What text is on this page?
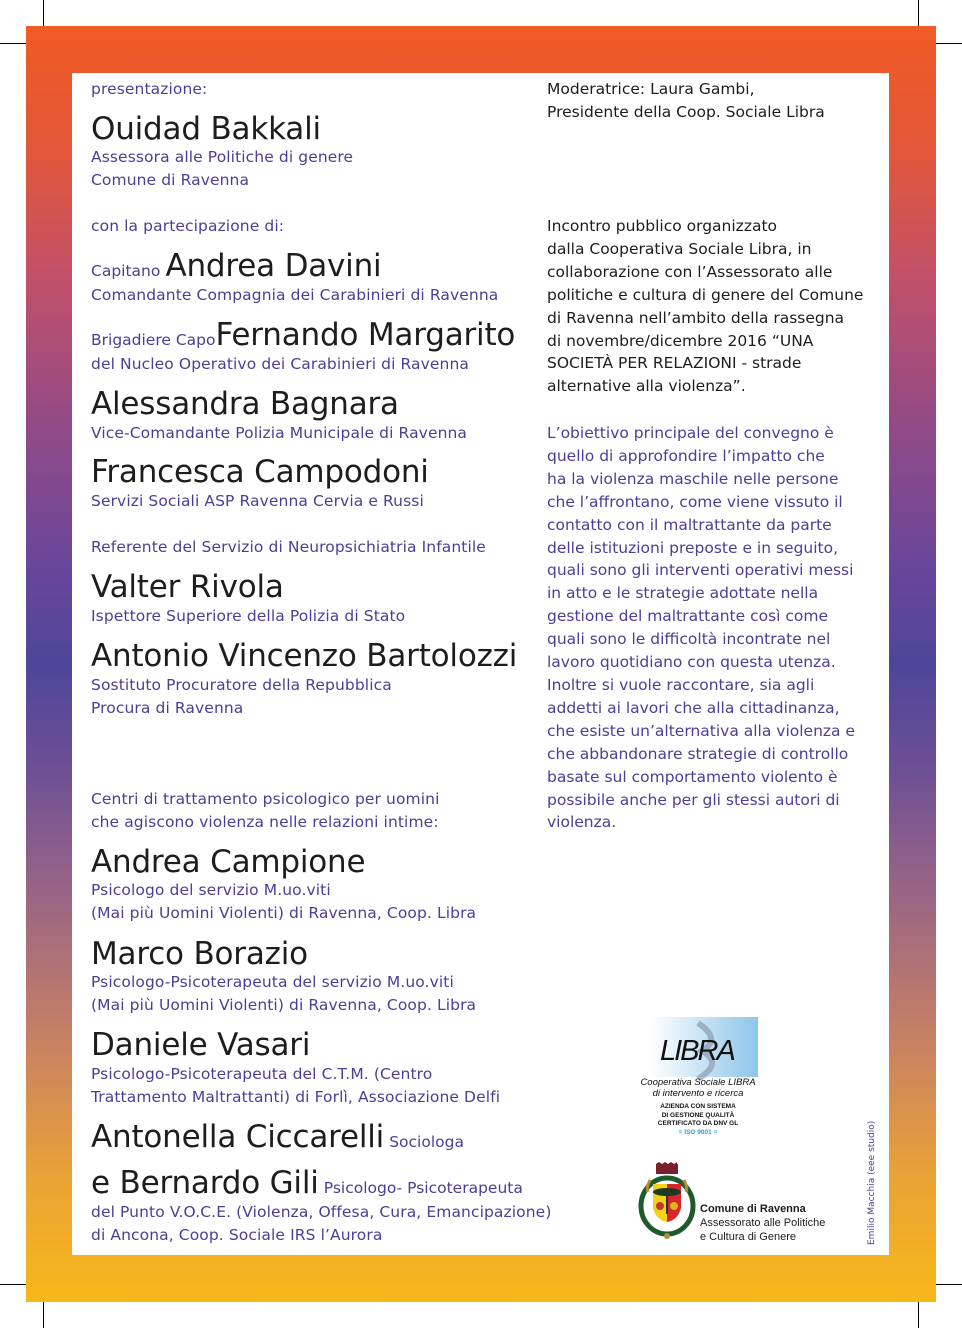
presentazione:
Ouidad Bakkali
Assessora alle Politiche di genere
Comune di Ravenna
con la partecipazione di:
Capitano Andrea Davini
Comandante Compagnia dei Carabinieri di Ravenna
Brigadiere CapoFernando Margarito
del Nucleo Operativo dei Carabinieri di Ravenna
Alessandra Bagnara
Vice-Comandante Polizia Municipale di Ravenna
Francesca Campodoni
Servizi Sociali ASP Ravenna Cervia e Russi
Referente del Servizio di Neuropsichiatria Infantile
Valter Rivola
Ispettore Superiore della Polizia di Stato
Antonio Vincenzo Bartolozzi
Sostituto Procuratore della Repubblica
Procura di Ravenna
Centri di trattamento psicologico per uomini
che agiscono violenza nelle relazioni intime:
Andrea Campione
Psicologo del servizio M.uo.viti
(Mai più Uomini Violenti) di Ravenna, Coop. Libra
Marco Borazio
Psicologo-Psicoterapeuta del servizio M.uo.viti
(Mai più Uomini Violenti) di Ravenna, Coop. Libra
Daniele Vasari
Psicologo-Psicoterapeuta del C.T.M. (Centro
Trattamento Maltrattanti) di Forlì, Associazione Delfi
Antonella Ciccarelli Sociologa
e Bernardo Gili Psicologo- Psicoterapeuta
del Punto V.O.C.E. (Violenza, Offesa, Cura, Emancipazione)
di Ancona, Coop. Sociale IRS l’Aurora
Moderatrice: Laura Gambi,
Presidente della Coop. Sociale Libra
Incontro pubblico organizzato
dalla Cooperativa Sociale Libra, in
collaborazione con l’Assessorato alle
politiche e cultura di genere del Comune
di Ravenna nell’ambito della rassegna
di novembre/dicembre 2016 “UNA
SOCIETÀ PER RELAZIONI - strade
alternative alla violenza”.
L’obiettivo principale del convegno è
quello di approfondire l’impatto che
ha la violenza maschile nelle persone
che l’affrontano, come viene vissuto il
contatto con il maltrattante da parte
delle istituzioni preposte e in seguito,
quali sono gli interventi operativi messi
in atto e le strategie adottate nella
gestione del maltrattante così come
quali sono le difficoltà incontrate nel
lavoro quotidiano con questa utenza.
Inoltre si vuole raccontare, sia agli
addetti ai lavori che alla cittadinanza,
che esiste un’alternativa alla violenza e
che abbandonare strategie di controllo
basate sul comportamento violento è
possibile anche per gli stessi autori di
violenza.
LIBRA
Cooperativa Sociale LIBRA
di intervento e ricerca
AZIENDA CON SISTEMA
DI GESTIONE QUALITÀ
CERTIFICATO DA DNV GL
= ISO 9001 =
Comune di Ravenna
Assessorato alle Politiche
e Cultura di Genere	Emilio Macchia (eee studio)
